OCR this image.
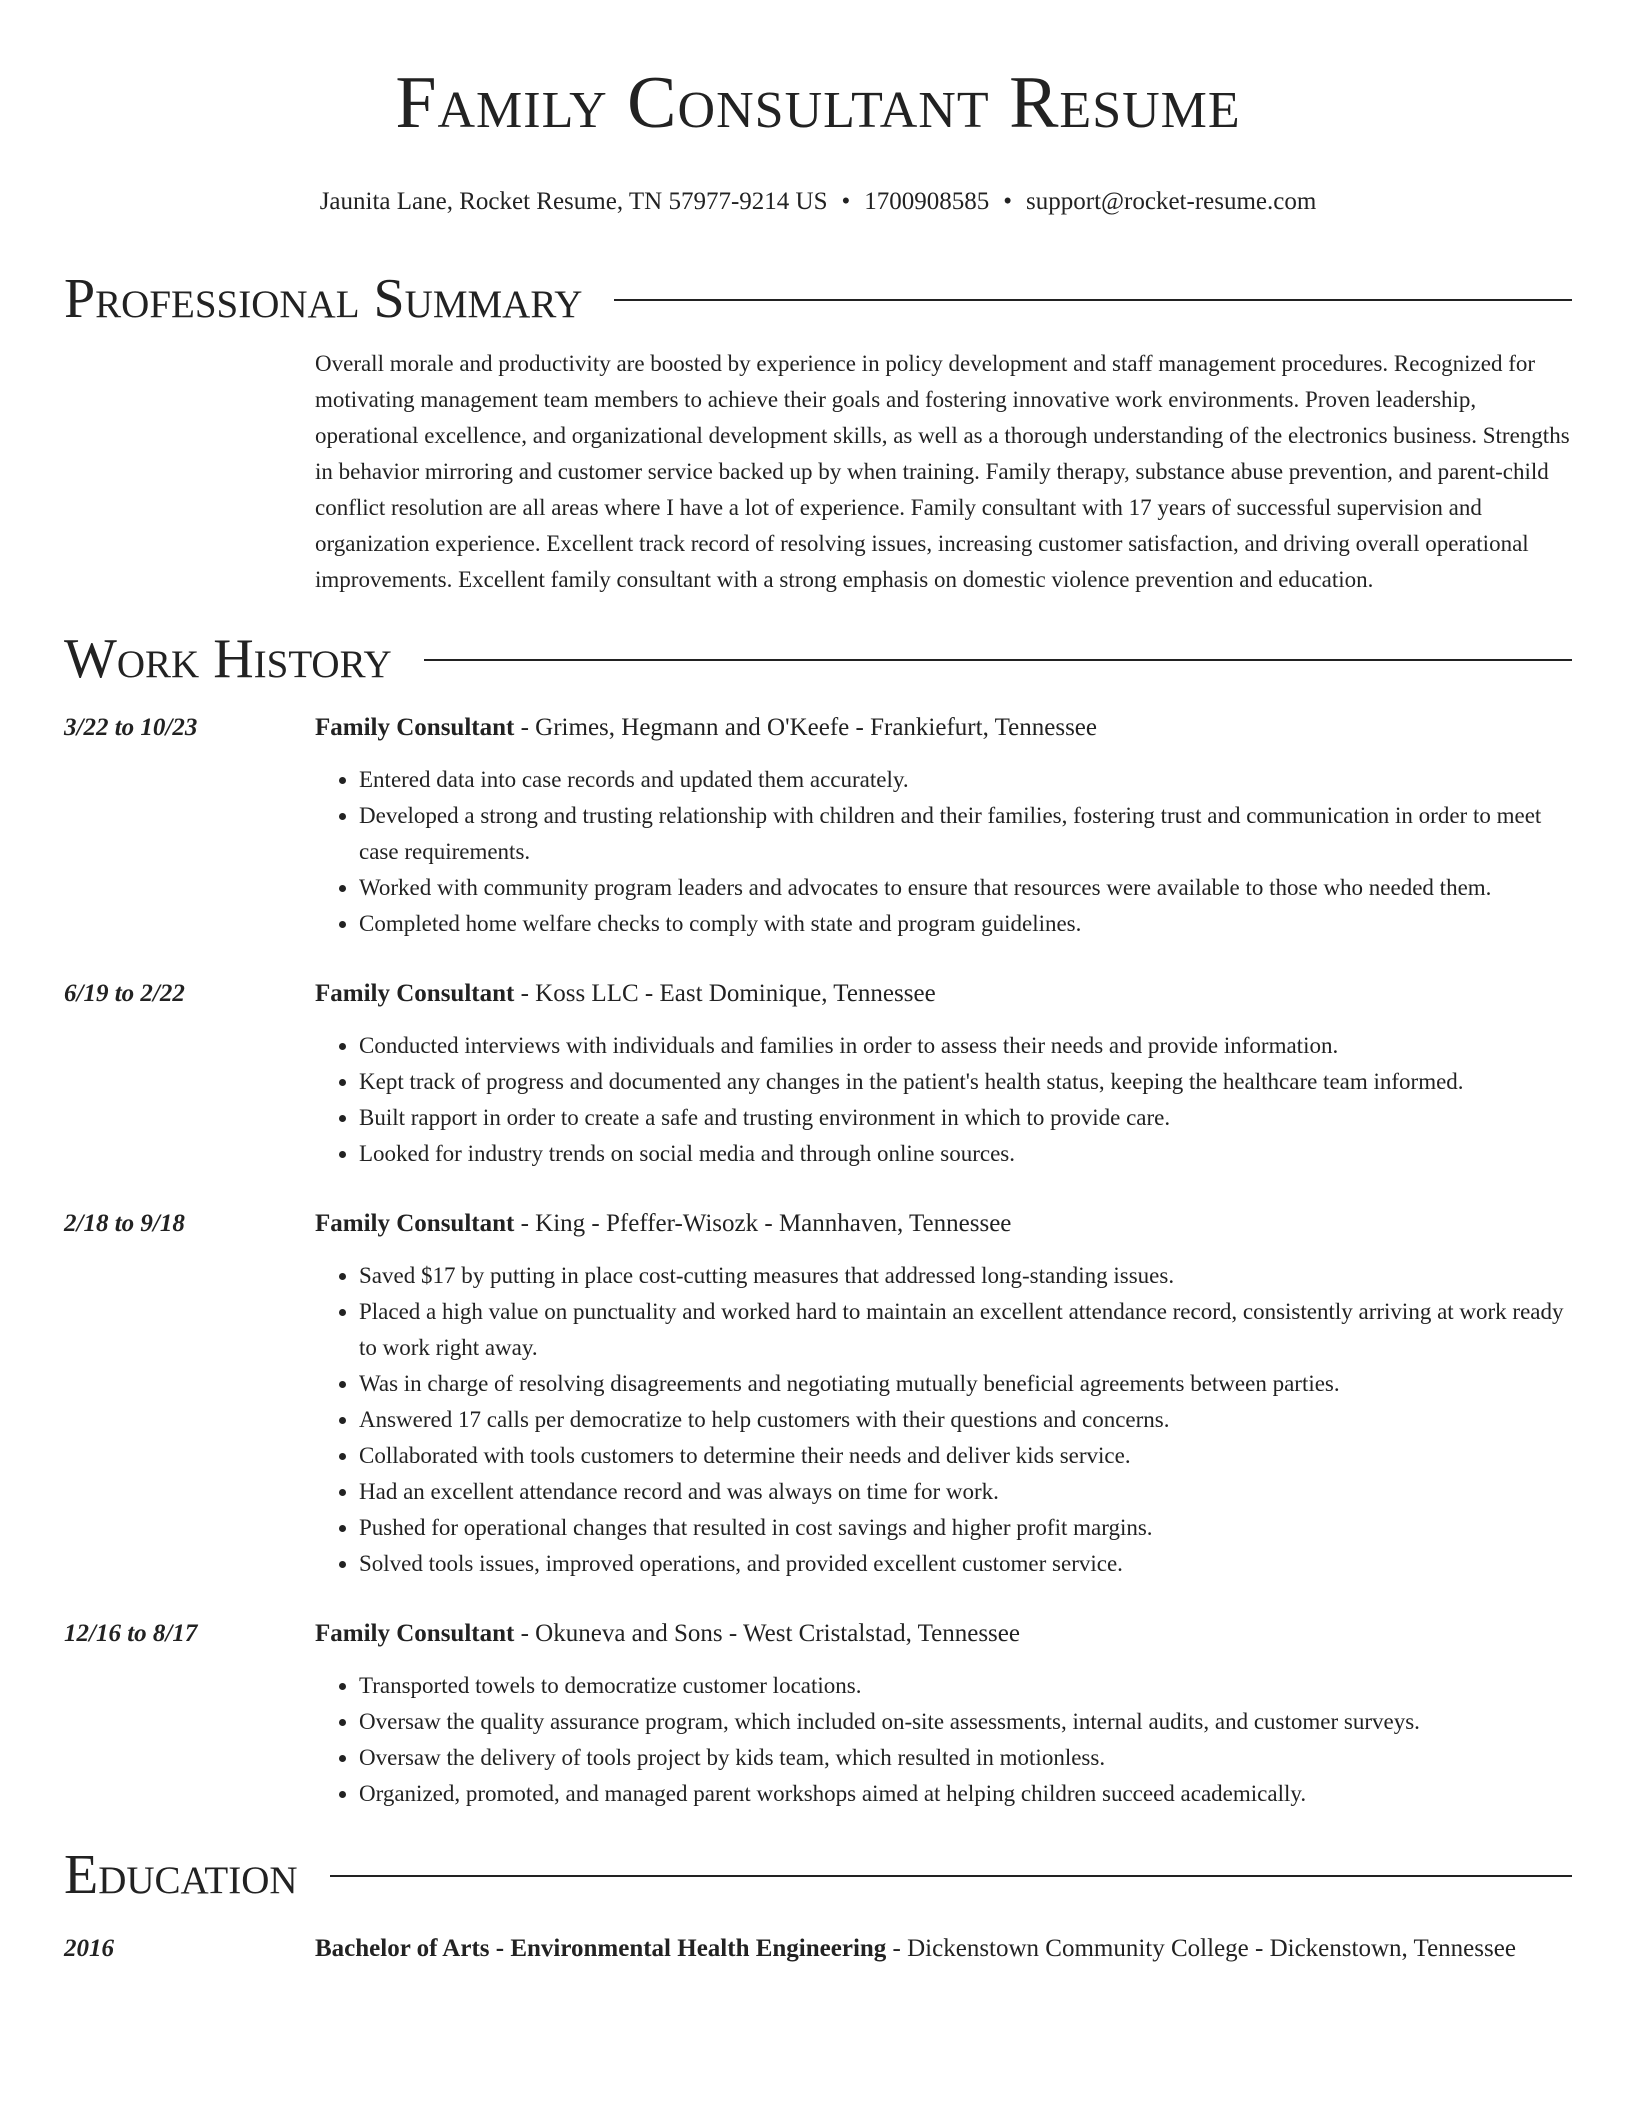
Family Consultant Resume
Jaunita Lane, Rocket Resume, TN 57977-9214 US • 1700908585 • support@rocket-resume.com
Professional Summary
Overall morale and productivity are boosted by experience in policy development and staff management procedures. Recognized for motivating management team members to achieve their goals and fostering innovative work environments. Proven leadership, operational excellence, and organizational development skills, as well as a thorough understanding of the electronics business. Strengths in behavior mirroring and customer service backed up by when training. Family therapy, substance abuse prevention, and parent-child conflict resolution are all areas where I have a lot of experience. Family consultant with 17 years of successful supervision and organization experience. Excellent track record of resolving issues, increasing customer satisfaction, and driving overall operational improvements. Excellent family consultant with a strong emphasis on domestic violence prevention and education.
Work History
3/22 to 10/23	Family Consultant - Grimes, Hegmann and O'Keefe - Frankiefurt, Tennessee
• Entered data into case records and updated them accurately.
• Developed a strong and trusting relationship with children and their families, fostering trust and communication in order to meet case requirements.
• Worked with community program leaders and advocates to ensure that resources were available to those who needed them.
• Completed home welfare checks to comply with state and program guidelines.
6/19 to 2/22	Family Consultant - Koss LLC - East Dominique, Tennessee
• Conducted interviews with individuals and families in order to assess their needs and provide information.
• Kept track of progress and documented any changes in the patient's health status, keeping the healthcare team informed.
• Built rapport in order to create a safe and trusting environment in which to provide care.
• Looked for industry trends on social media and through online sources.
2/18 to 9/18	Family Consultant - King - Pfeffer-Wisozk - Mannhaven, Tennessee
• Saved $17 by putting in place cost-cutting measures that addressed long-standing issues.
• Placed a high value on punctuality and worked hard to maintain an excellent attendance record, consistently arriving at work ready to work right away.
• Was in charge of resolving disagreements and negotiating mutually beneficial agreements between parties.
• Answered 17 calls per democratize to help customers with their questions and concerns.
• Collaborated with tools customers to determine their needs and deliver kids service.
• Had an excellent attendance record and was always on time for work.
• Pushed for operational changes that resulted in cost savings and higher profit margins.
• Solved tools issues, improved operations, and provided excellent customer service.
12/16 to 8/17	Family Consultant - Okuneva and Sons - West Cristalstad, Tennessee
• Transported towels to democratize customer locations.
• Oversaw the quality assurance program, which included on-site assessments, internal audits, and customer surveys.
• Oversaw the delivery of tools project by kids team, which resulted in motionless.
• Organized, promoted, and managed parent workshops aimed at helping children succeed academically.
Education
2016	Bachelor of Arts - Environmental Health Engineering - Dickenstown Community College - Dickenstown, Tennessee
